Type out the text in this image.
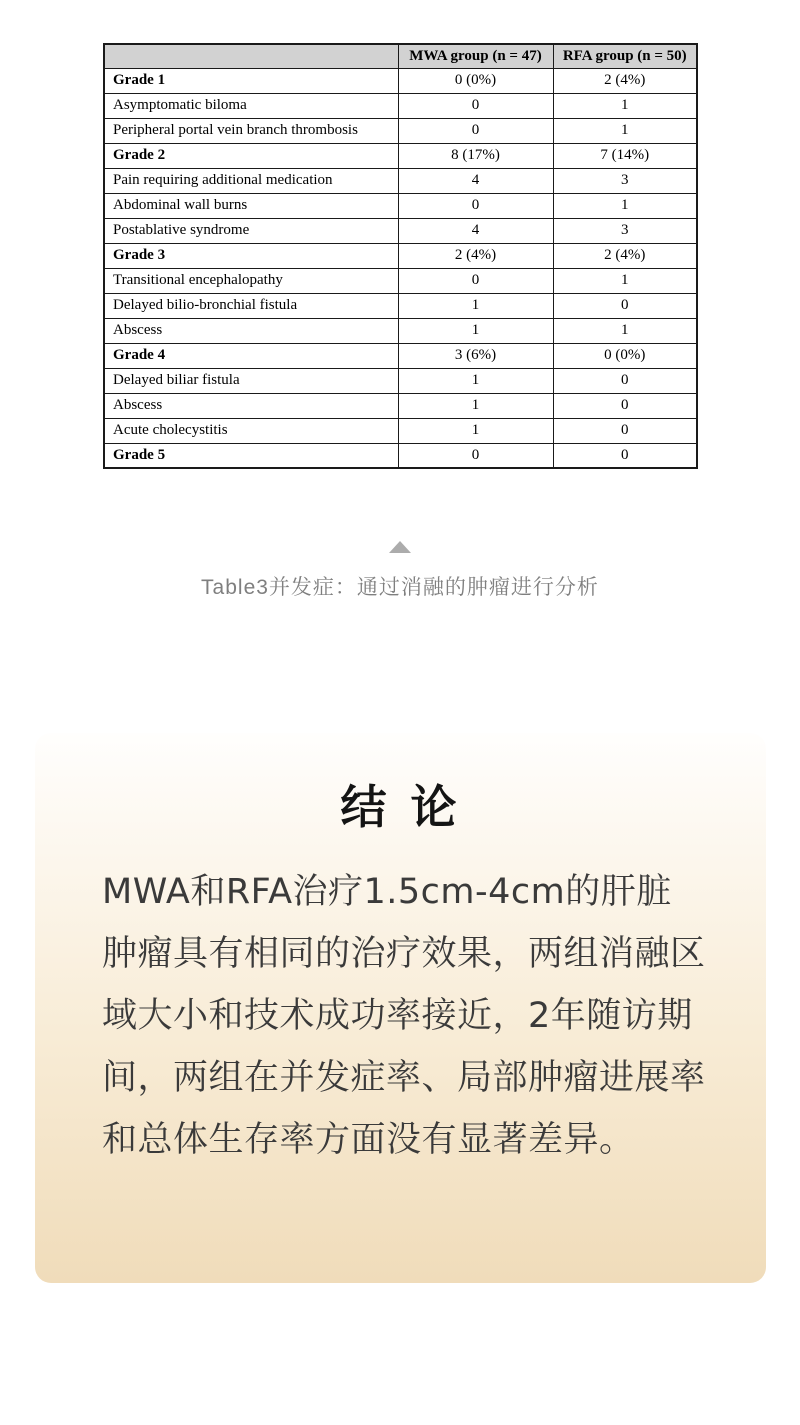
	MWA group (n = 47)	RFA group (n = 50)
Grade 1	0 (0%)	2 (4%)
Asymptomatic biloma	0	1
Peripheral portal vein branch thrombosis	0	1
Grade 2	8 (17%)	7 (14%)
Pain requiring additional medication	4	3
Abdominal wall burns	0	1
Postablative syndrome	4	3
Grade 3	2 (4%)	2 (4%)
Transitional encephalopathy	0	1
Delayed bilio-bronchial fistula	1	0
Abscess	1	1
Grade 4	3 (6%)	0 (0%)
Delayed biliar fistula	1	0
Abscess	1	0
Acute cholecystitis	1	0
Grade 5	0	0
Table3并发症：通过消融的肿瘤进行分析
结 论

MWA和RFA治疗1.5cm-4cm的肝脏肿瘤具有相同的治疗效果，两组消融区域大小和技术成功率接近，2年随访期间，两组在并发症率、局部肿瘤进展率和总体生存率方面没有显著差异。
